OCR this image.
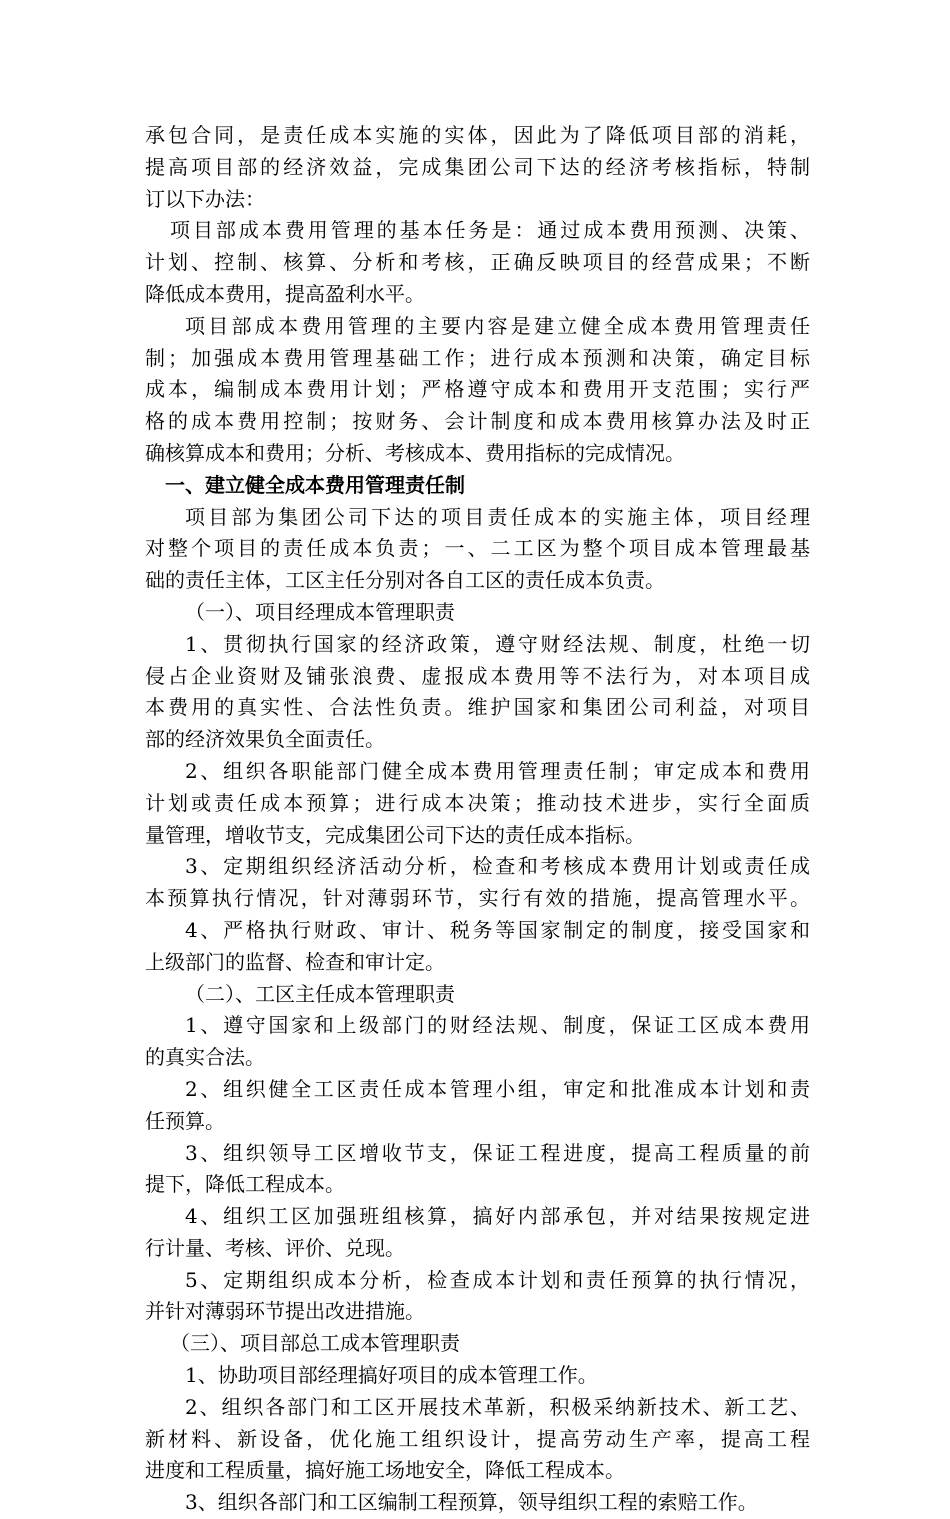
承包合同，是责任成本实施的实体，因此为了降低项目部的消耗，
提高项目部的经济效益，完成集团公司下达的经济考核指标，特制
订以下办法：
项目部成本费用管理的基本任务是：通过成本费用预测、决策、
计划、控制、核算、分析和考核，正确反映项目的经营成果；不断
降低成本费用，提高盈利水平。
项目部成本费用管理的主要内容是建立健全成本费用管理责任
制；加强成本费用管理基础工作；进行成本预测和决策，确定目标
成本，编制成本费用计划；严格遵守成本和费用开支范围；实行严
格的成本费用控制；按财务、会计制度和成本费用核算办法及时正
确核算成本和费用；分析、考核成本、费用指标的完成情况。
一、建立健全成本费用管理责任制
项目部为集团公司下达的项目责任成本的实施主体，项目经理
对整个项目的责任成本负责；一、二工区为整个项目成本管理最基
础的责任主体，工区主任分别对各自工区的责任成本负责。
（一）、项目经理成本管理职责
1、贯彻执行国家的经济政策，遵守财经法规、制度，杜绝一切
侵占企业资财及铺张浪费、虚报成本费用等不法行为，对本项目成
本费用的真实性、合法性负责。维护国家和集团公司利益，对项目
部的经济效果负全面责任。
2、组织各职能部门健全成本费用管理责任制；审定成本和费用
计划或责任成本预算；进行成本决策；推动技术进步，实行全面质
量管理，增收节支，完成集团公司下达的责任成本指标。
3、定期组织经济活动分析，检查和考核成本费用计划或责任成
本预算执行情况，针对薄弱环节，实行有效的措施，提高管理水平。
4、严格执行财政、审计、税务等国家制定的制度，接受国家和
上级部门的监督、检查和审计定。
（二）、工区主任成本管理职责
1、遵守国家和上级部门的财经法规、制度，保证工区成本费用
的真实合法。
2、组织健全工区责任成本管理小组，审定和批准成本计划和责
任预算。
3、组织领导工区增收节支，保证工程进度，提高工程质量的前
提下，降低工程成本。
4、组织工区加强班组核算，搞好内部承包，并对结果按规定进
行计量、考核、评价、兑现。
5、定期组织成本分析，检查成本计划和责任预算的执行情况，
并针对薄弱环节提出改进措施。
（三）、项目部总工成本管理职责
1、协助项目部经理搞好项目的成本管理工作。
2、组织各部门和工区开展技术革新，积极采纳新技术、新工艺、
新材料、新设备，优化施工组织设计，提高劳动生产率，提高工程
进度和工程质量，搞好施工场地安全，降低工程成本。
3、组织各部门和工区编制工程预算，领导组织工程的索赔工作。
